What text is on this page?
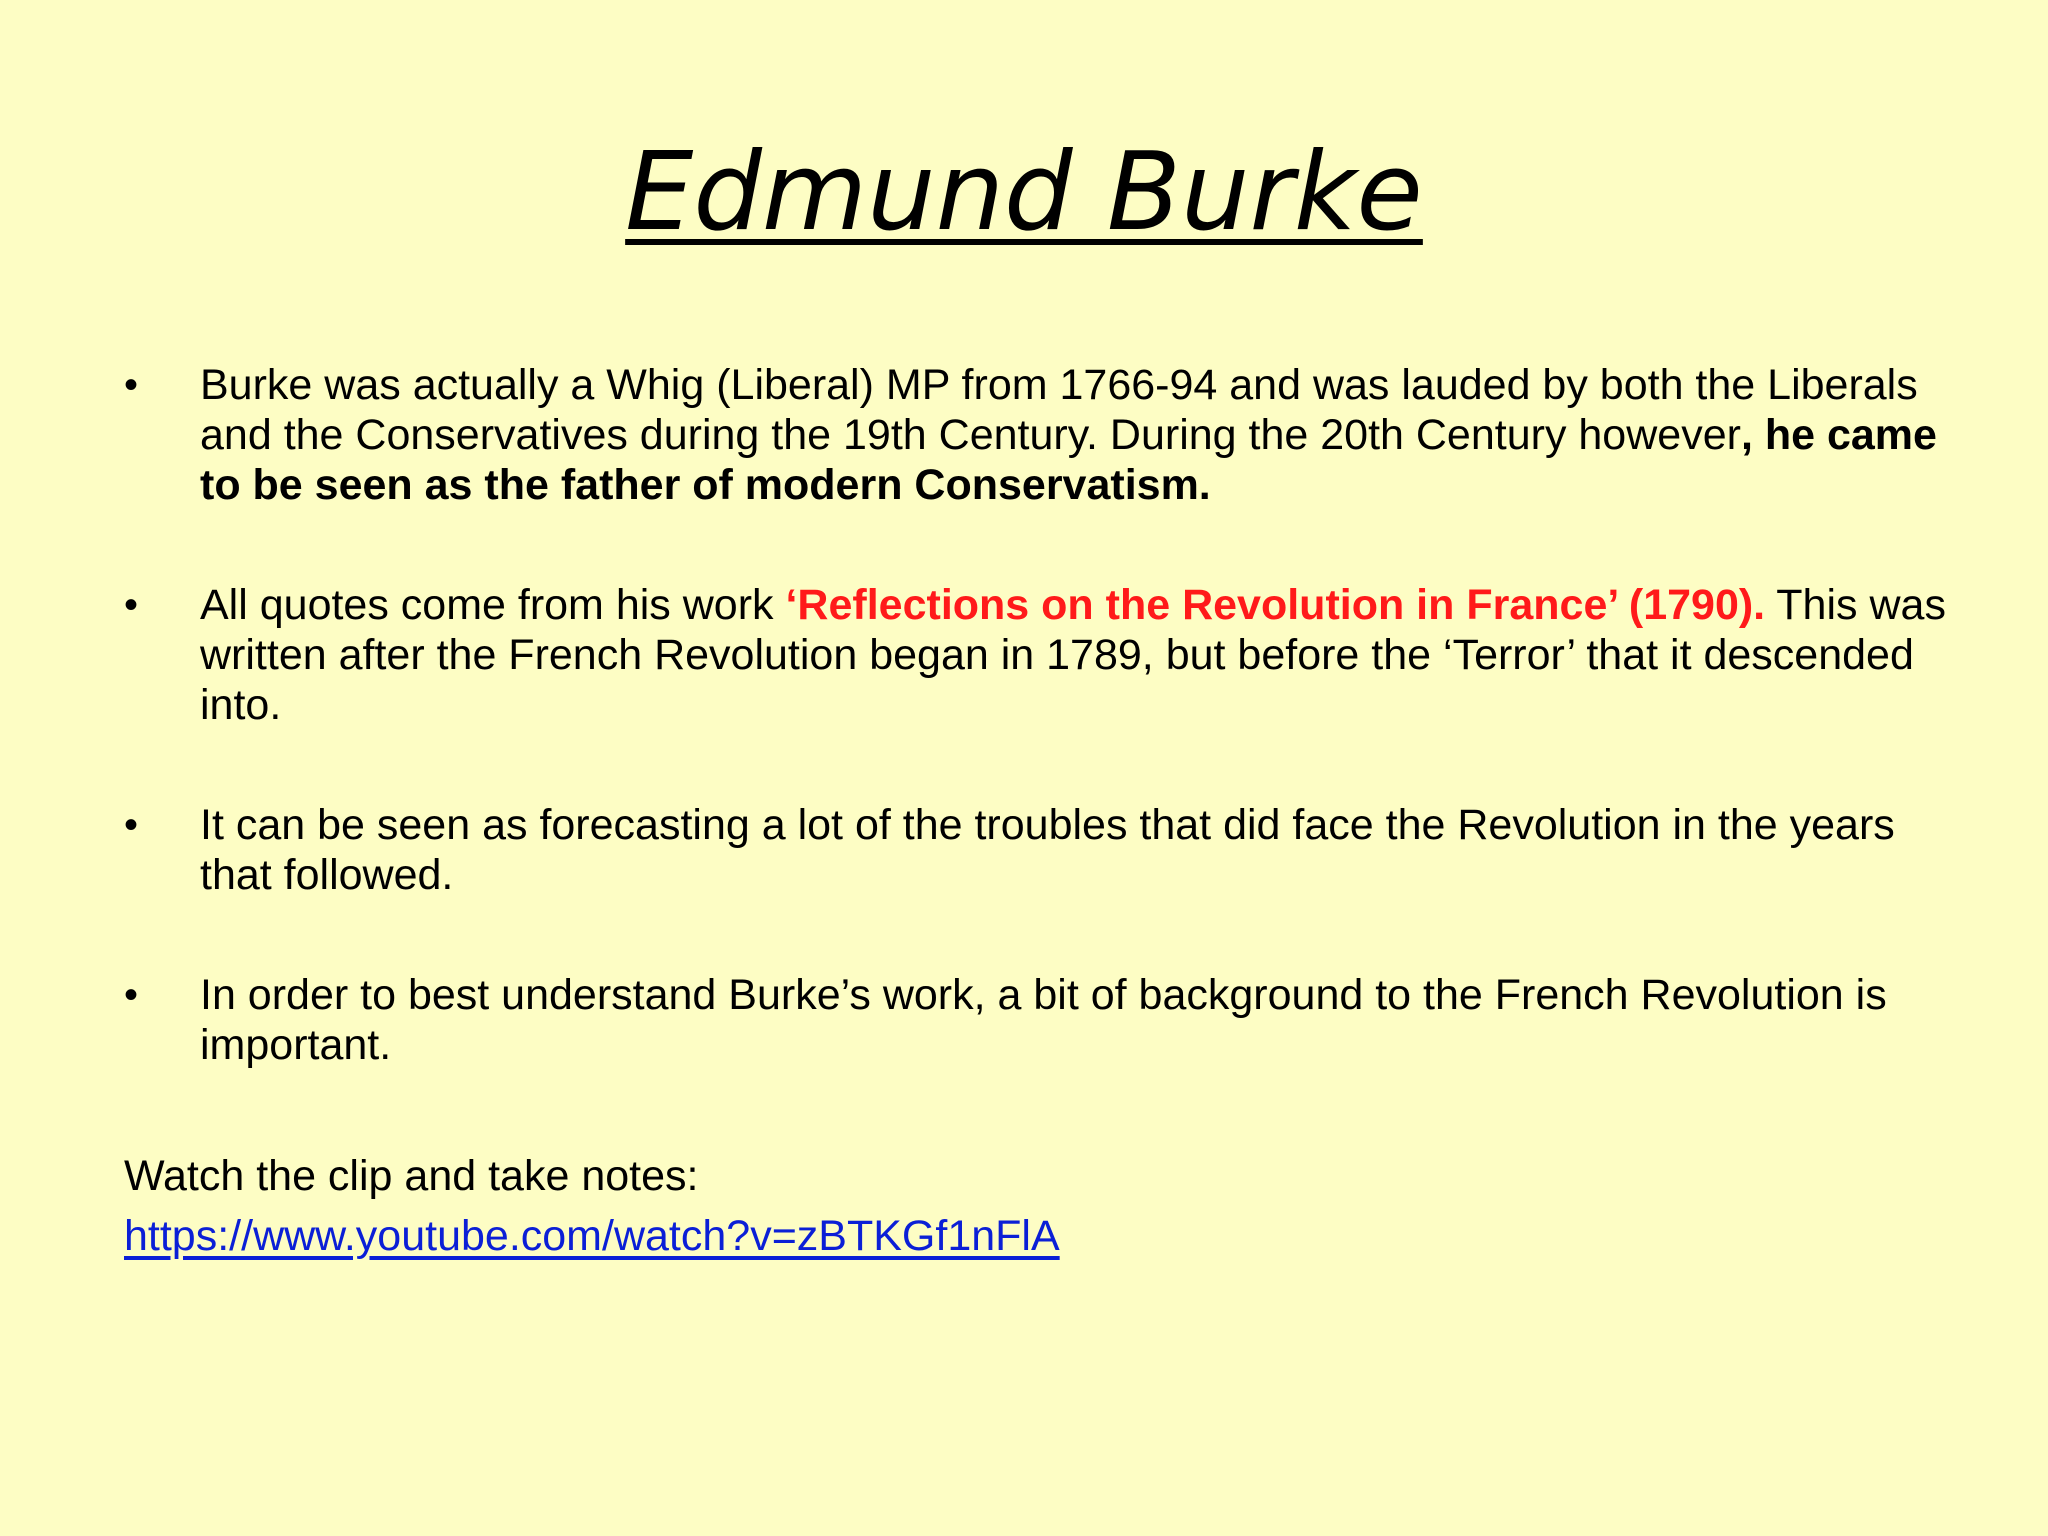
Edmund Burke
• Burke was actually a Whig (Liberal) MP from 1766-94 and was lauded by both the Liberals and the Conservatives during the 19th Century. During the 20th Century however, he came to be seen as the father of modern Conservatism.
• All quotes come from his work ‘Reflections on the Revolution in France’ (1790). This was written after the French Revolution began in 1789, but before the ‘Terror’ that it descended into.
• It can be seen as forecasting a lot of the troubles that did face the Revolution in the years that followed.
• In order to best understand Burke’s work, a bit of background to the French Revolution is important.
Watch the clip and take notes:
https://www.youtube.com/watch?v=zBTKGf1nFlA
